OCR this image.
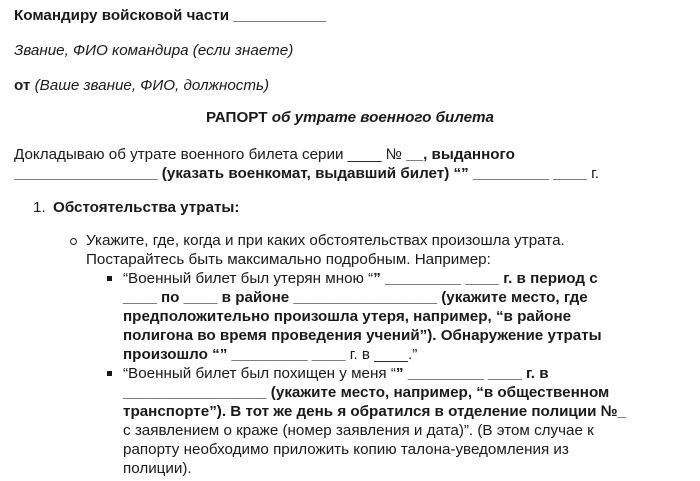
Командиру войсковой части ___________
Звание, ФИО командира (если знаете)
от (Ваше звание, ФИО, должность)
РАПОРТ об утрате военного билета
Докладываю об утрате военного билета серии ____ № __, выданного
_________________ (указать военкомат, выдавший билет) “” _________ ____ г.
1. Обстоятельства утраты:
Укажите, где, когда и при каких обстоятельствах произошла утрата.
Постарайтесь быть максимально подробным. Например:
“Военный билет был утерян мною “” _________ ____ г. в период с
____ по ____ в районе _________________ (укажите место, где
предположительно произошла утеря, например, “в районе
полигона во время проведения учений”). Обнаружение утраты
произошло “” _________ ____ г. в ____.”
“Военный билет был похищен у меня “” _________ ____ г. в
_________________ (укажите место, например, “в общественном
транспорте”). В тот же день я обратился в отделение полиции №_
с заявлением о краже (номер заявления и дата)”. (В этом случае к
рапорту необходимо приложить копию талона-уведомления из
полиции).
